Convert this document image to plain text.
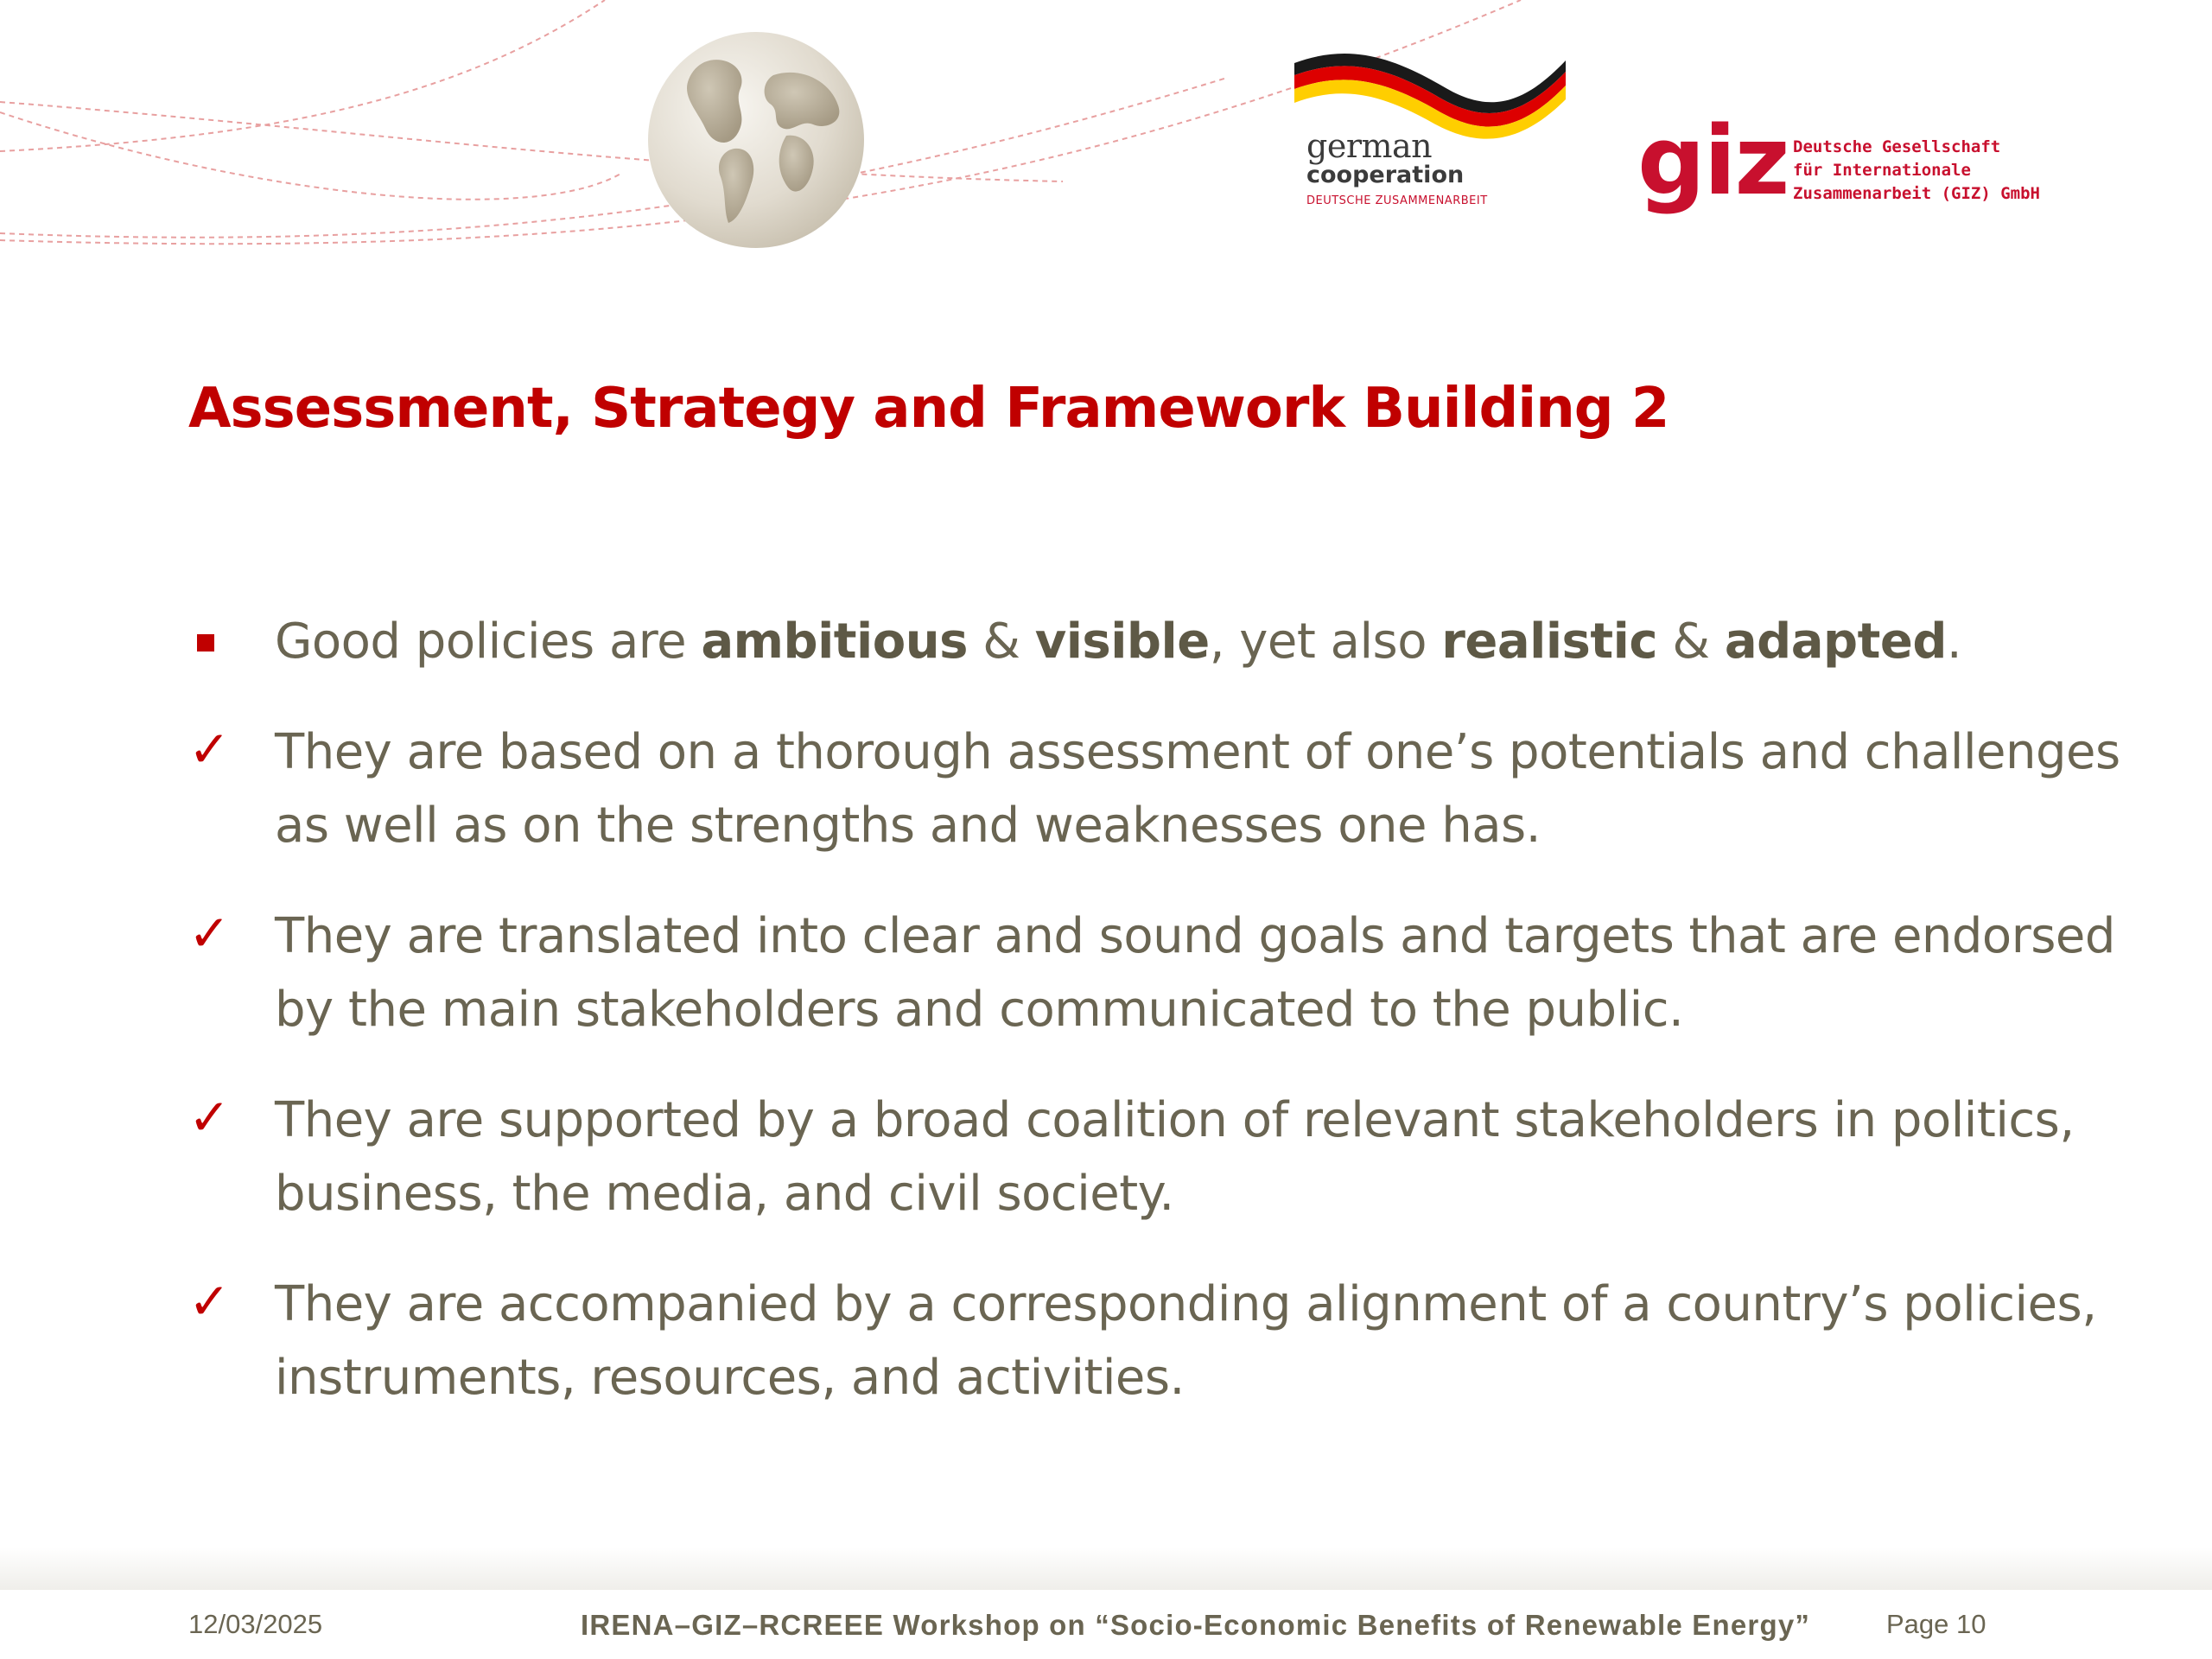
german
cooperation
DEUTSCHE ZUSAMMENARBEIT giz Deutsche Gesellschaft
für Internationale
Zusammenarbeit (GIZ) GmbH
Assessment, Strategy and Framework Building 2
Good policies are ambitious & visible, yet also realistic & adapted.
✓ They are based on a thorough assessment of one’s potentials and challenges as well as on the strengths and weaknesses one has.
✓ They are translated into clear and sound goals and targets that are endorsed by the main stakeholders and communicated to the public.
✓ They are supported by a broad coalition of relevant stakeholders in politics, business, the media, and civil society.
✓ They are accompanied by a corresponding alignment of a country’s policies, instruments, resources, and activities.
12/03/2025	IRENA–GIZ–RCREEE Workshop on “Socio-Economic Benefits of Renewable Energy”	Page 10
